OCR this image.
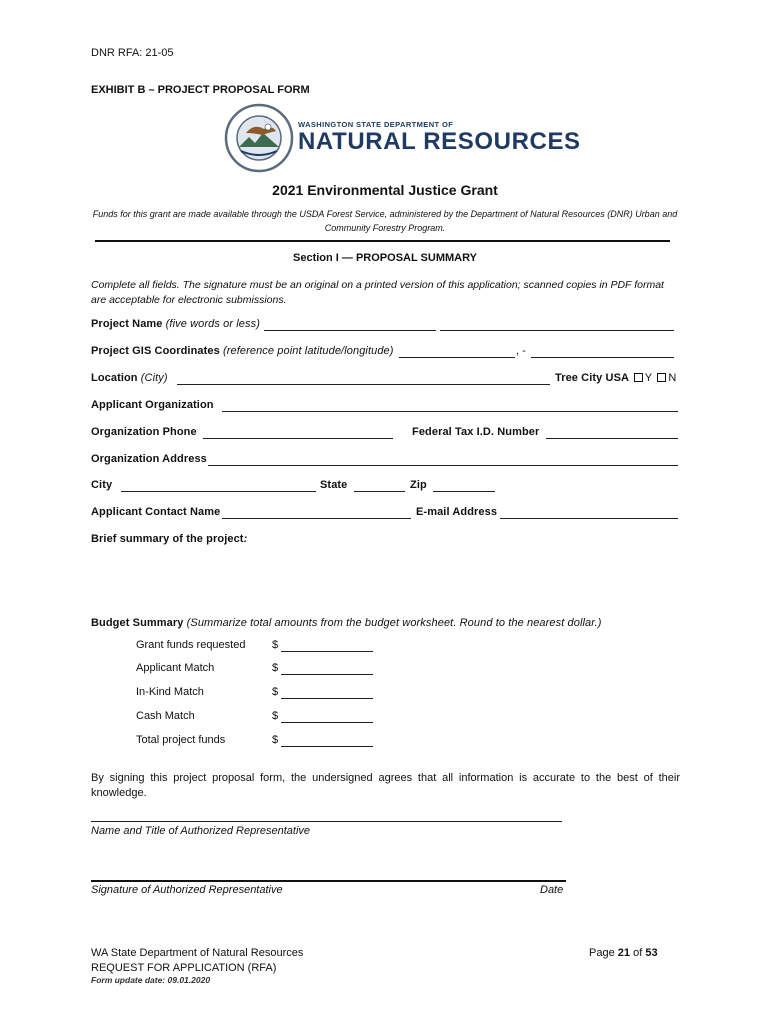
DNR RFA: 21-05
EXHIBIT B – PROJECT PROPOSAL FORM
WASHINGTON STATE DEPARTMENT OF
NATURAL RESOURCES
2021 Environmental Justice Grant
Funds for this grant are made available through the USDA Forest Service, administered by the Department of Natural Resources (DNR) Urban and Community Forestry Program.
Section I — PROPOSAL SUMMARY
Complete all fields. The signature must be an original on a printed version of this application; scanned copies in PDF format are acceptable for electronic submissions.
Project Name (five words or less)
Project GIS Coordinates (reference point latitude/longitude)	, -
Location (City)	Tree City USA Y N
Applicant Organization
Organization Phone	Federal Tax I.D. Number
Organization Address
City	State	Zip
Applicant Contact Name	E-mail Address
Brief summary of the project:
Budget Summary (Summarize total amounts from the budget worksheet. Round to the nearest dollar.)
Grant funds requested $
Applicant Match	$
In-Kind Match	$
Cash Match	$
Total project funds	$
By signing this project proposal form, the undersigned agrees that all information is accurate to the best of their knowledge.
Name and Title of Authorized Representative
Signature of Authorized Representative	Date
WA State Department of Natural Resources
REQUEST FOR APPLICATION (RFA)
Form update date: 09.01.2020
Page 21 of 53
